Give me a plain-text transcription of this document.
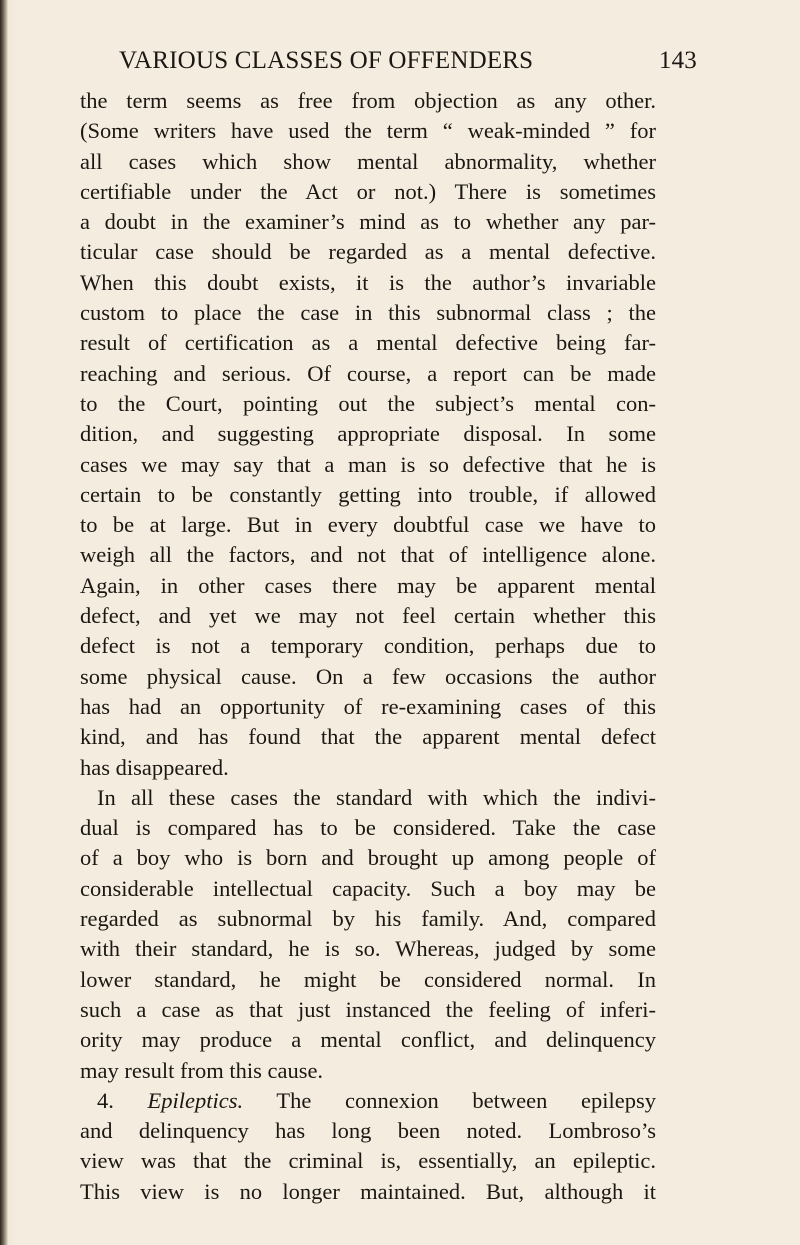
VARIOUS CLASSES OF OFFENDERS	143
the term seems as free from objection as any other.
(Some writers have used the term “ weak-minded ” for
all cases which show mental abnormality, whether
certifiable under the Act or not.) There is sometimes
a doubt in the examiner’s mind as to whether any par-
ticular case should be regarded as a mental defective.
When this doubt exists, it is the author’s invariable
custom to place the case in this subnormal class ; the
result of certification as a mental defective being far-
reaching and serious. Of course, a report can be made
to the Court, pointing out the subject’s mental con-
dition, and suggesting appropriate disposal. In some
cases we may say that a man is so defective that he is
certain to be constantly getting into trouble, if allowed
to be at large. But in every doubtful case we have to
weigh all the factors, and not that of intelligence alone.
Again, in other cases there may be apparent mental
defect, and yet we may not feel certain whether this
defect is not a temporary condition, perhaps due to
some physical cause. On a few occasions the author
has had an opportunity of re-examining cases of this
kind, and has found that the apparent mental defect
has disappeared.
In all these cases the standard with which the indivi-
dual is compared has to be considered. Take the case
of a boy who is born and brought up among people of
considerable intellectual capacity. Such a boy may be
regarded as subnormal by his family. And, compared
with their standard, he is so. Whereas, judged by some
lower standard, he might be considered normal. In
such a case as that just instanced the feeling of inferi-
ority may produce a mental conflict, and delinquency
may result from this cause.
4. Epileptics. The connexion between epilepsy
and delinquency has long been noted. Lombroso’s
view was that the criminal is, essentially, an epileptic.
This view is no longer maintained. But, although it
